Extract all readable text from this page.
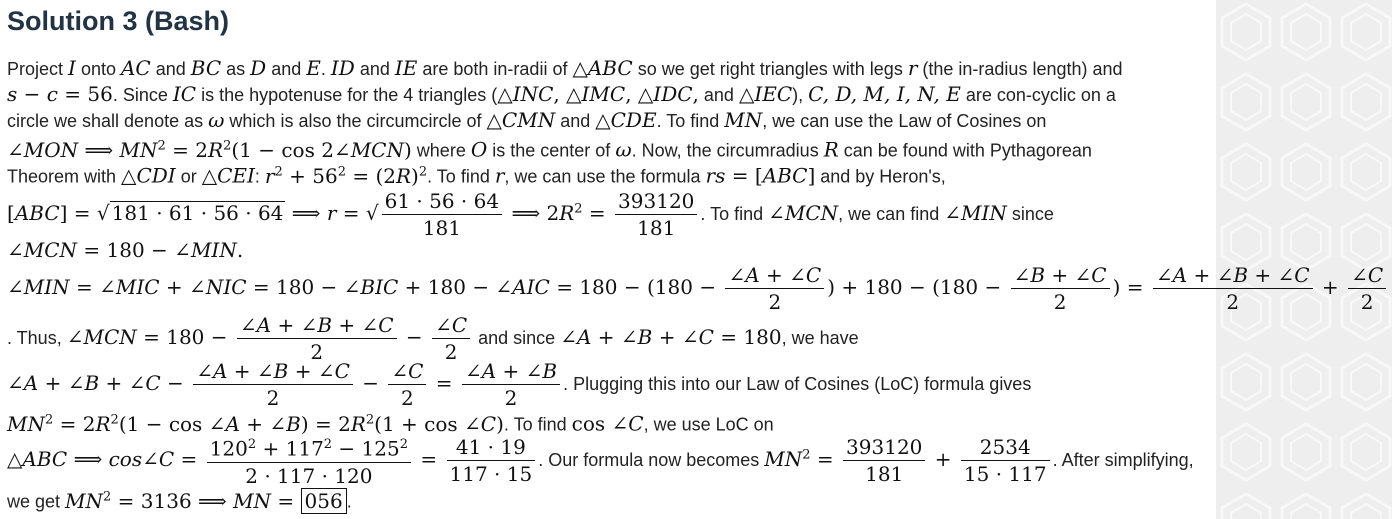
Solution 3 (Bash)
Project I onto AC and BC as D and E. ID and IE are both in-radii of △ABC so we get right triangles with legs r (the in-radius length) and
s − c = 56. Since IC is the hypotenuse for the 4 triangles (△INC, △IMC, △IDC, and △IEC), C, D, M, I, N, E are con-cyclic on a
circle we shall denote as ω which is also the circumcircle of △CMN and △CDE. To find MN, we can use the Law of Cosines on
∠MON ⟹ $MN^2 = 2R^2(1 - \cos$ 2∠MCN) where O is the center of ω. Now, the circumradius R can be found with Pythagorean
Theorem with △CDI or △CEI: $r^2 + 56^2 = (2R)^2$. To find r, we can use the formula rs = [ABC] and by Heron's,
[ABC] = √ 181 · 61 · 56 · 64 ⟹ r = √ $\frac{61 \cdot 56 \cdot 64}{181}$ ⟹ $2R^2 = \frac{393120}{181}$ . To find ∠MCN, we can find ∠MIN since
∠MCN = 180 − ∠MIN.
∠MIN = ∠MIC + ∠NIC = 180 − ∠BIC + 180 − ∠AIC = $180 - (180 - \frac{\angle A + \angle C}{2}$ ) + $180 - (180 - \frac{\angle B + \angle C}{2}$ ) = $\frac{\angle A + \angle B + \angle C}{2} + \frac{\angle C}{2}$
. Thus, ∠MCN = $180 - \frac{\angle A + \angle B + \angle C}{2} - \frac{\angle C}{2}$ and since ∠A + ∠B + ∠C = 180, we have
∠A + ∠B + ∠C − $\frac{\angle A + \angle B + \angle C}{2} - \frac{\angle C}{2} = \frac{\angle A + \angle B}{2}$ . Plugging this into our Law of Cosines (LoC) formula gives
$MN^2 = 2R^2(1 - \cos$ ∠A + ∠B) = $2R^2(1 + \cos$ ∠C). To find cos ∠C, we use LoC on
△ABC ⟹ cos∠C = $\frac{120^2 + 117^2 - 125^2}{2 \cdot 117 \cdot 120} = \frac{41 \cdot 19}{117 \cdot 15}$ . Our formula now becomes $MN^2 = \frac{393120}{181} + \frac{2534}{15 \cdot 117}$ . After simplifying,
we get $MN^2 = 3136$ ⟹ MN = 056 .
